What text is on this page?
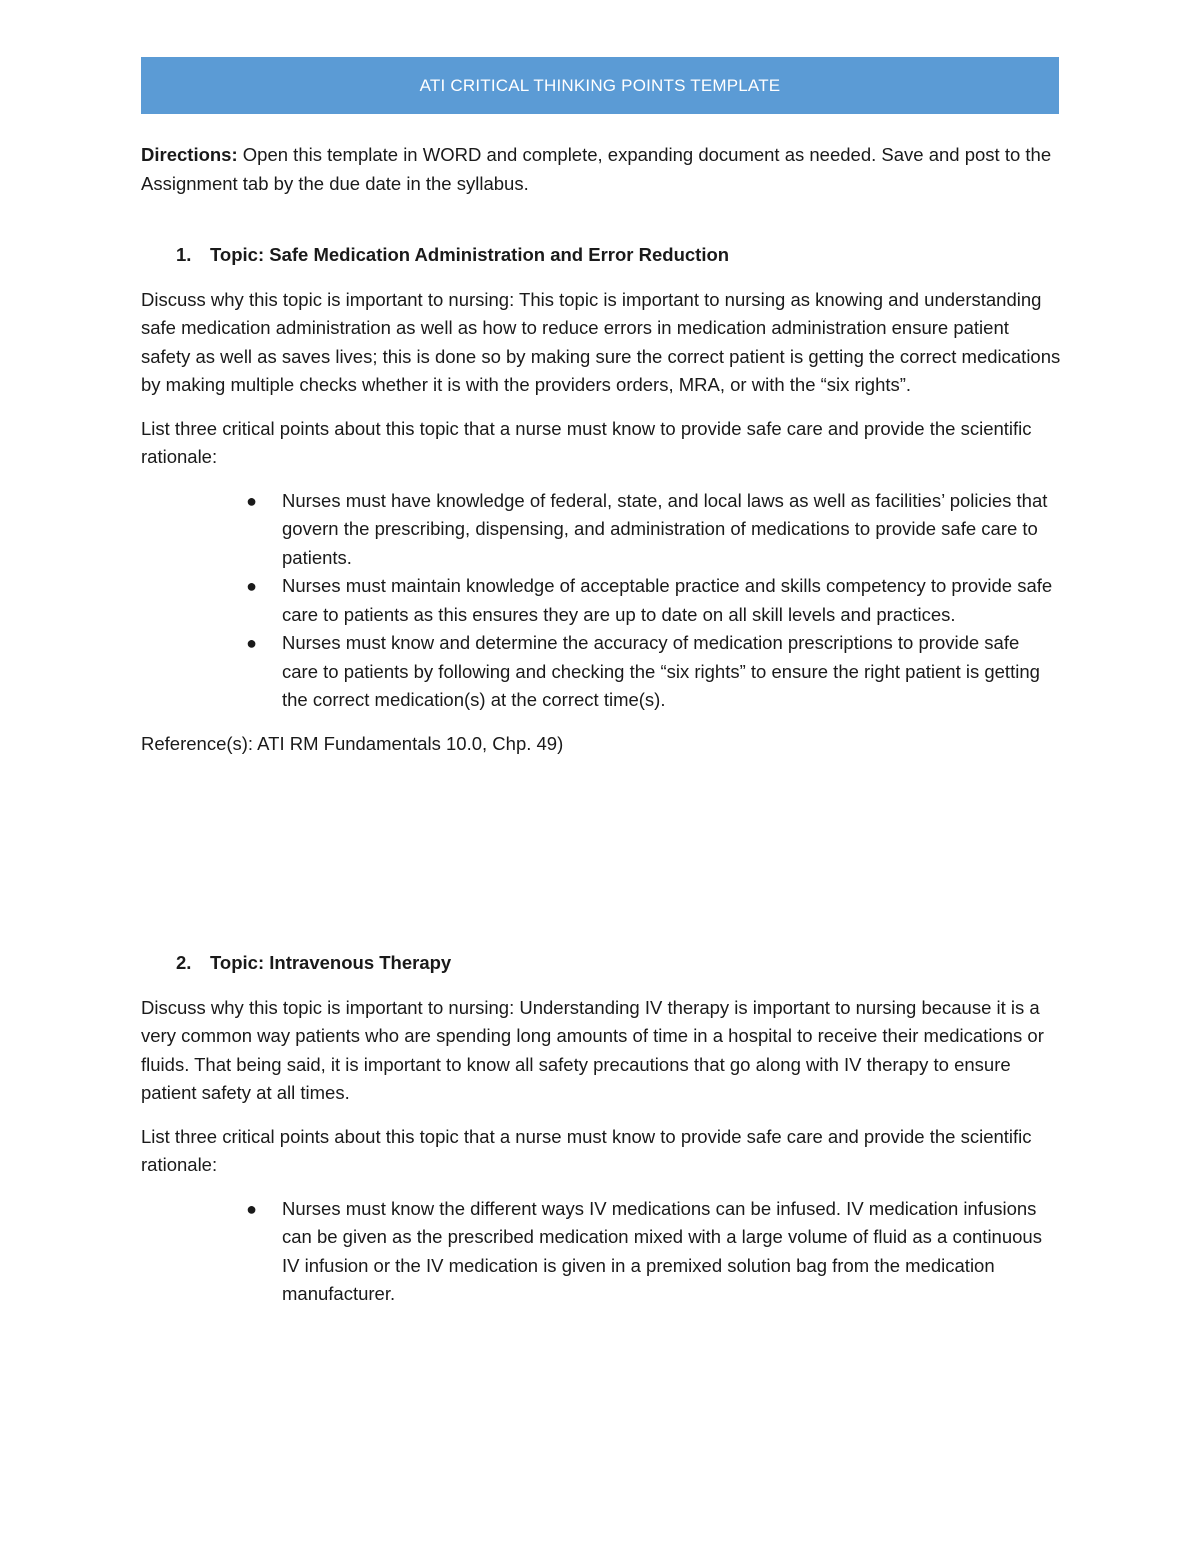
ATI CRITICAL THINKING POINTS TEMPLATE

Directions: Open this template in WORD and complete, expanding document as needed. Save and post to the Assignment tab by the due date in the syllabus.

1.	Topic: Safe Medication Administration and Error Reduction

Discuss why this topic is important to nursing: This topic is important to nursing as knowing and understanding safe medication administration as well as how to reduce errors in medication administration ensure patient safety as well as saves lives; this is done so by making sure the correct patient is getting the correct medications by making multiple checks whether it is with the providers orders, MRA, or with the “six rights”.

List three critical points about this topic that a nurse must know to provide safe care and provide the scientific rationale:

●	Nurses must have knowledge of federal, state, and local laws as well as facilities’ policies that govern the prescribing, dispensing, and administration of medications to provide safe care to patients.
●	Nurses must maintain knowledge of acceptable practice and skills competency to provide safe care to patients as this ensures they are up to date on all skill levels and practices.
●	Nurses must know and determine the accuracy of medication prescriptions to provide safe care to patients by following and checking the “six rights” to ensure the right patient is getting the correct medication(s) at the correct time(s).

Reference(s): ATI RM Fundamentals 10.0, Chp. 49)

2.	Topic: Intravenous Therapy

Discuss why this topic is important to nursing: Understanding IV therapy is important to nursing because it is a very common way patients who are spending long amounts of time in a hospital to receive their medications or fluids. That being said, it is important to know all safety precautions that go along with IV therapy to ensure patient safety at all times.

List three critical points about this topic that a nurse must know to provide safe care and provide the scientific rationale:

●	Nurses must know the different ways IV medications can be infused. IV medication infusions can be given as the prescribed medication mixed with a large volume of fluid as a continuous IV infusion or the IV medication is given in a premixed solution bag from the medication manufacturer.
